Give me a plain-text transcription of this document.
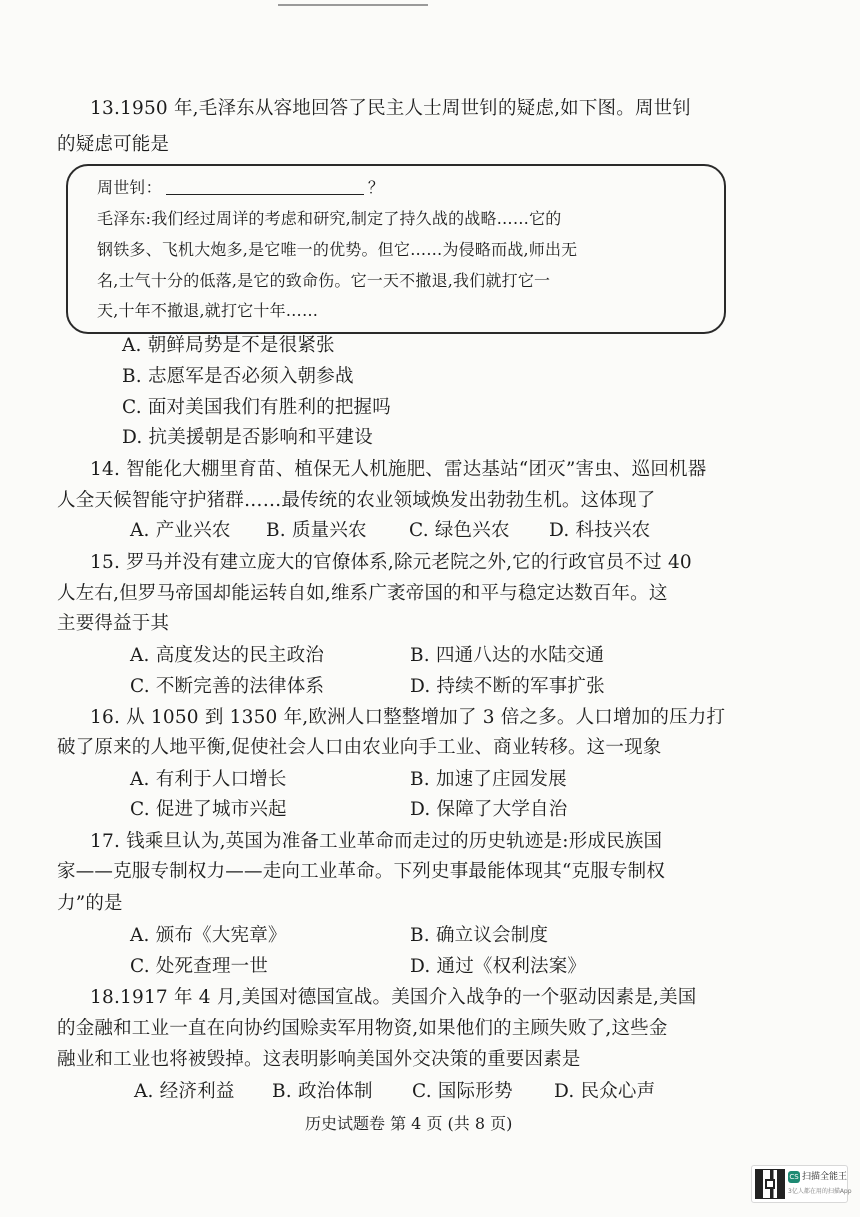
13.1950 年,毛泽东从容地回答了民主人士周世钊的疑虑,如下图。周世钊
的疑虑可能是
周世钊：	？
毛泽东:我们经过周详的考虑和研究,制定了持久战的战略……它的
钢铁多、飞机大炮多,是它唯一的优势。但它……为侵略而战,师出无
名,士气十分的低落,是它的致命伤。它一天不撤退,我们就打它一
天,十年不撤退,就打它十年……
A. 朝鲜局势是不是很紧张
B. 志愿军是否必须入朝参战
C. 面对美国我们有胜利的把握吗
D. 抗美援朝是否影响和平建设
14. 智能化大棚里育苗、植保无人机施肥、雷达基站“团灭”害虫、巡回机器
人全天候智能守护猪群……最传统的农业领域焕发出勃勃生机。这体现了
A. 产业兴农 B. 质量兴农 C. 绿色兴农 D. 科技兴农
15. 罗马并没有建立庞大的官僚体系,除元老院之外,它的行政官员不过 40
人左右,但罗马帝国却能运转自如,维系广袤帝国的和平与稳定达数百年。这
主要得益于其
A. 高度发达的民主政治	B. 四通八达的水陆交通
C. 不断完善的法律体系	D. 持续不断的军事扩张
16. 从 1050 到 1350 年,欧洲人口整整增加了 3 倍之多。人口增加的压力打
破了原来的人地平衡,促使社会人口由农业向手工业、商业转移。这一现象
A. 有利于人口增长	B. 加速了庄园发展
C. 促进了城市兴起	D. 保障了大学自治
17. 钱乘旦认为,英国为准备工业革命而走过的历史轨迹是:形成民族国
家——克服专制权力——走向工业革命。下列史事最能体现其“克服专制权
力”的是
A. 颁布《大宪章》	B. 确立议会制度
C. 处死查理一世	D. 通过《权利法案》
18.1917 年 4 月,美国对德国宣战。美国介入战争的一个驱动因素是,美国
的金融和工业一直在向协约国赊卖军用物资,如果他们的主顾失败了,这些金
融业和工业也将被毁掉。这表明影响美国外交决策的重要因素是
A. 经济利益 B. 政治体制 C. 国际形势 D. 民众心声
历史试题卷 第 4 页 (共 8 页)
CS 扫描全能王
3亿人都在用的扫描App
